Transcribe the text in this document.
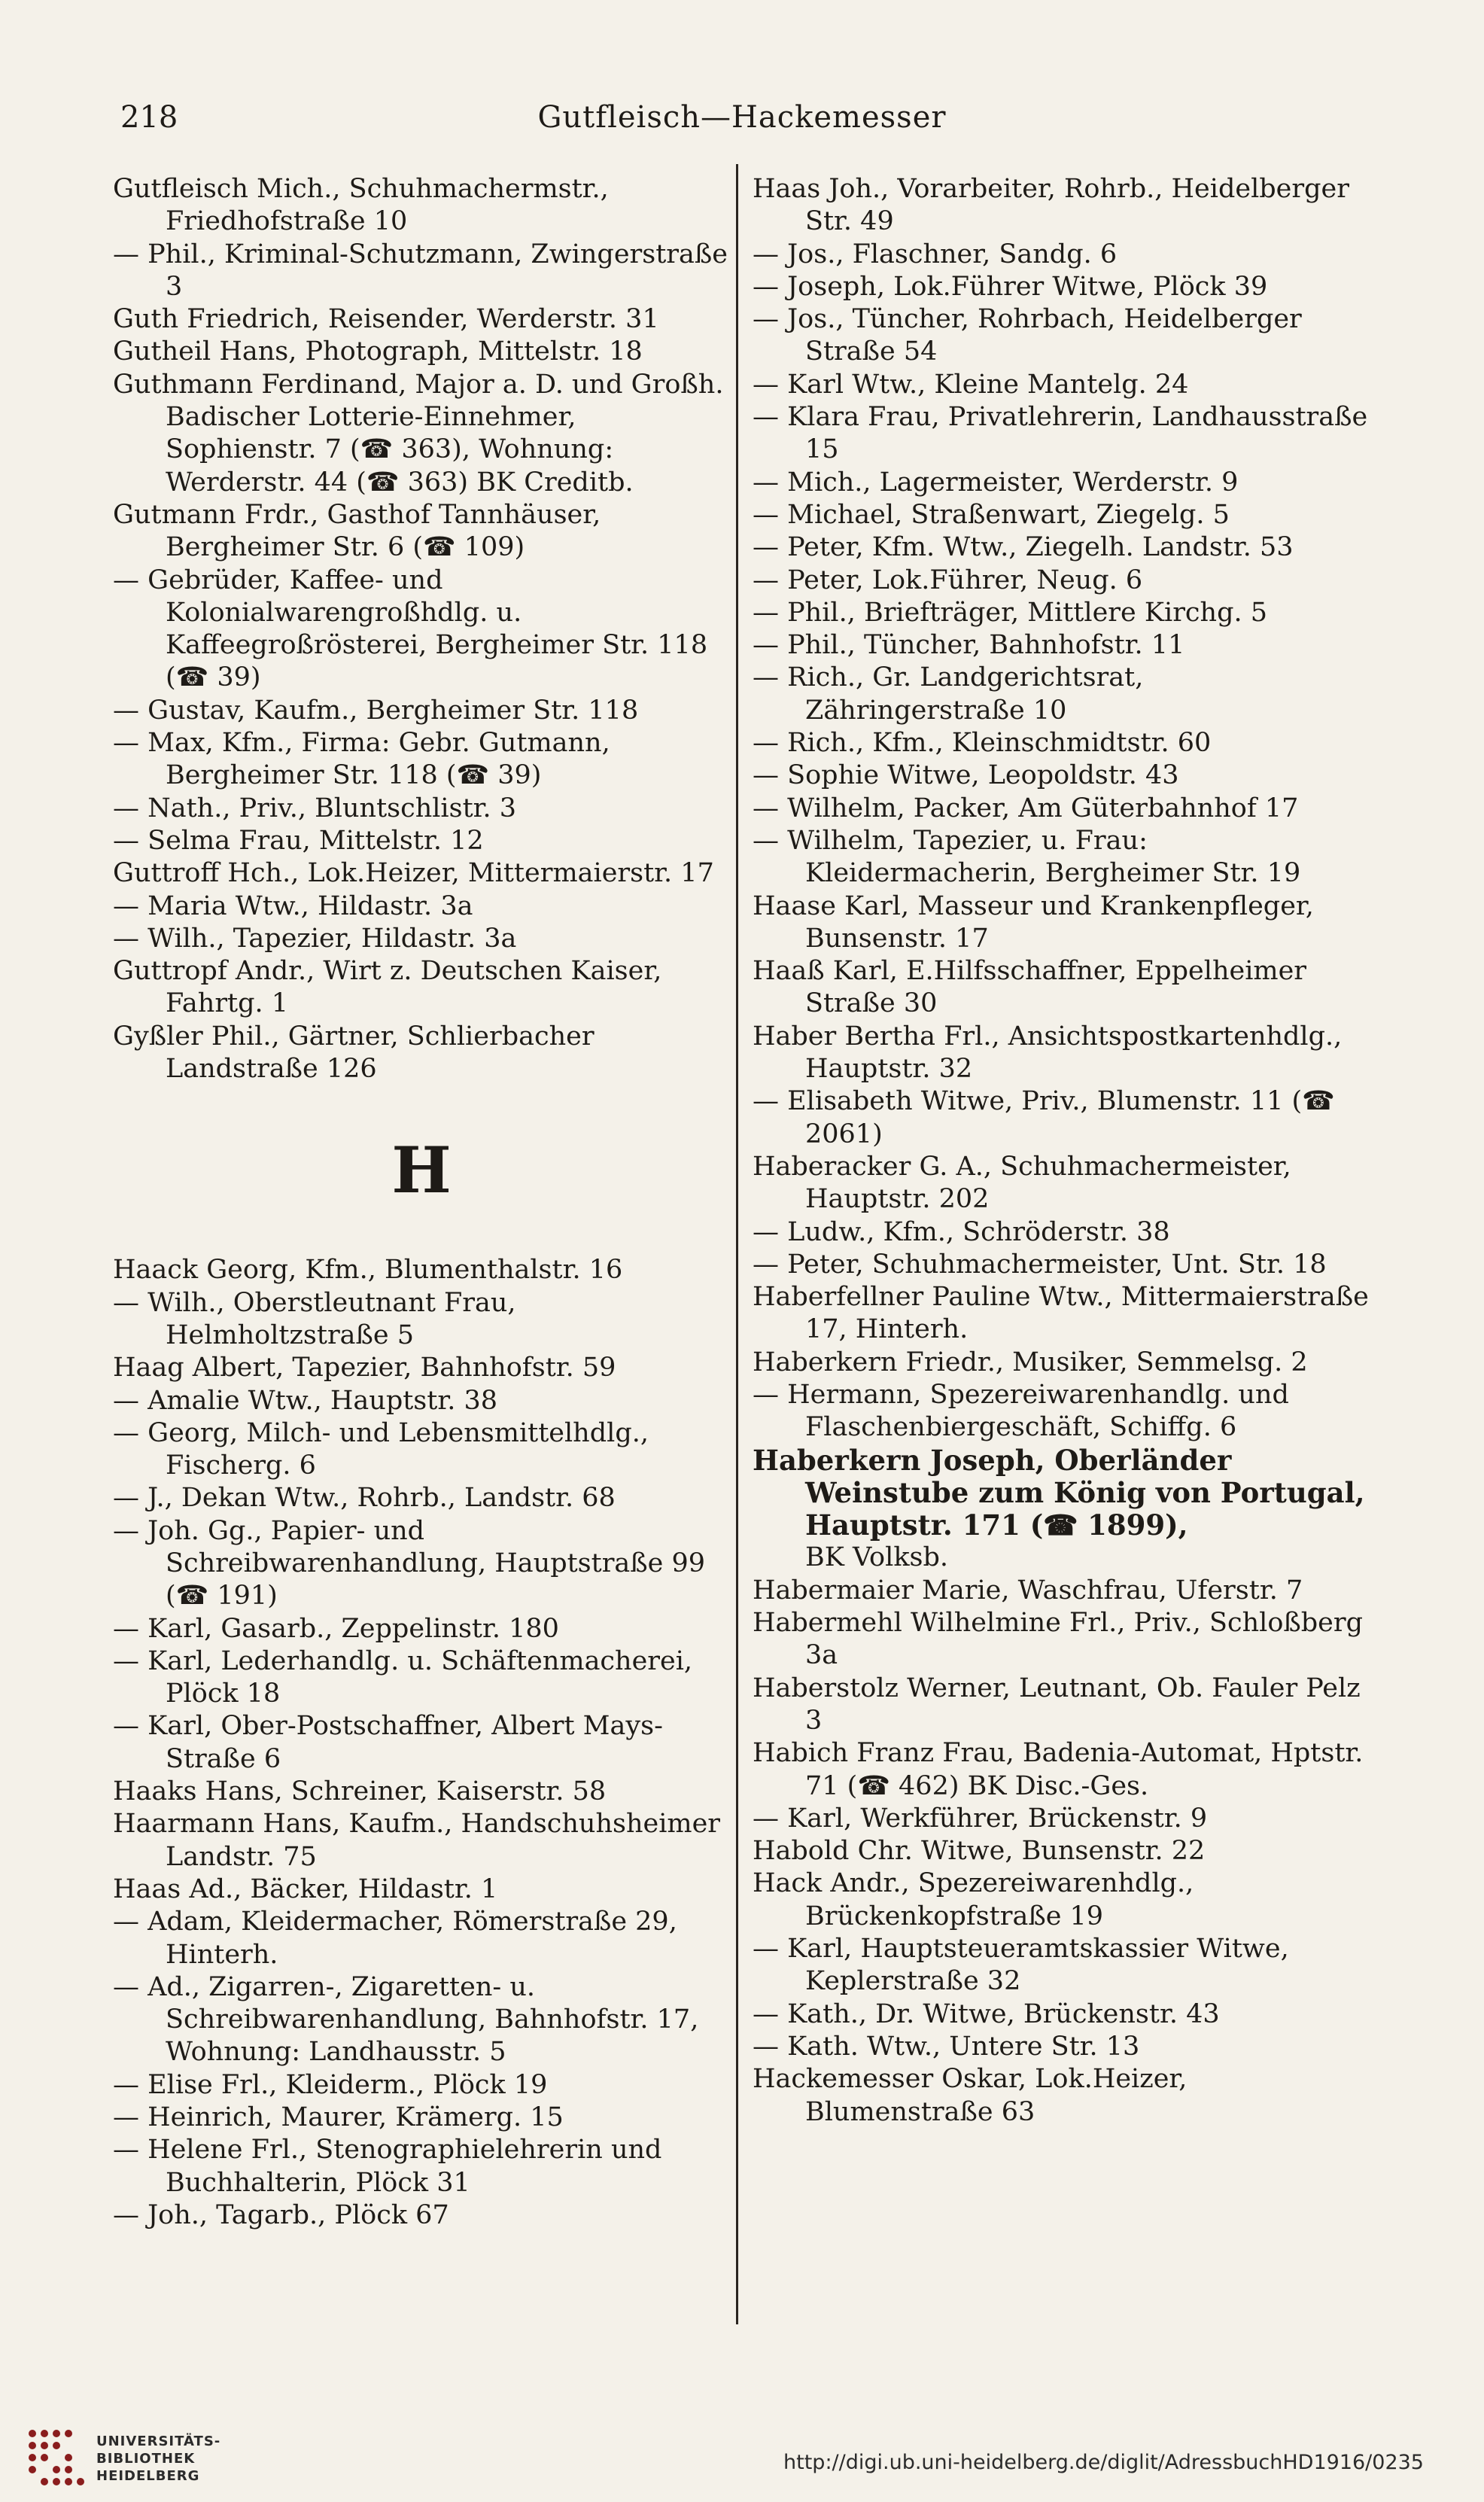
218	Gutfleisch—Hackemesser

Gutfleisch Mich., Schuhmachermstr., Friedhofstraße 10

— Phil., Kriminal-Schutzmann, Zwingerstraße 3

Guth Friedrich, Reisender, Werderstr. 31

Gutheil Hans, Photograph, Mittelstr. 18

Guthmann Ferdinand, Major a. D. und Großh. Badischer Lotterie-Einnehmer, Sophienstr. 7 (☎ 363), Wohnung: Werderstr. 44 (☎ 363) BK Creditb.

Gutmann Frdr., Gasthof Tannhäuser, Bergheimer Str. 6 (☎ 109)

— Gebrüder, Kaffee- und Kolonialwarengroßhdlg. u. Kaffeegroßrösterei, Bergheimer Str. 118 (☎ 39)

— Gustav, Kaufm., Bergheimer Str. 118

— Max, Kfm., Firma: Gebr. Gutmann, Bergheimer Str. 118 (☎ 39)

— Nath., Priv., Bluntschlistr. 3

— Selma Frau, Mittelstr. 12

Guttroff Hch., Lok.Heizer, Mittermaierstr. 17

— Maria Wtw., Hildastr. 3a

— Wilh., Tapezier, Hildastr. 3a

Guttropf Andr., Wirt z. Deutschen Kaiser, Fahrtg. 1

Gyßler Phil., Gärtner, Schlierbacher Landstraße 126

H

Haack Georg, Kfm., Blumenthalstr. 16

— Wilh., Oberstleutnant Frau, Helmholtzstraße 5

Haag Albert, Tapezier, Bahnhofstr. 59

— Amalie Wtw., Hauptstr. 38

— Georg, Milch- und Lebensmittelhdlg., Fischerg. 6

— J., Dekan Wtw., Rohrb., Landstr. 68

— Joh. Gg., Papier- und Schreibwarenhandlung, Hauptstraße 99 (☎ 191)

— Karl, Gasarb., Zeppelinstr. 180

— Karl, Lederhandlg. u. Schäftenmacherei, Plöck 18

— Karl, Ober-Postschaffner, Albert Mays-Straße 6

Haaks Hans, Schreiner, Kaiserstr. 58

Haarmann Hans, Kaufm., Handschuhsheimer Landstr. 75

Haas Ad., Bäcker, Hildastr. 1

— Adam, Kleidermacher, Römerstraße 29, Hinterh.

— Ad., Zigarren-, Zigaretten- u. Schreibwarenhandlung, Bahnhofstr. 17, Wohnung: Landhausstr. 5

— Elise Frl., Kleiderm., Plöck 19

— Heinrich, Maurer, Krämerg. 15

— Helene Frl., Stenographielehrerin und Buchhalterin, Plöck 31

— Joh., Tagarb., Plöck 67

Haas Joh., Vorarbeiter, Rohrb., Heidelberger Str. 49

— Jos., Flaschner, Sandg. 6

— Joseph, Lok.Führer Witwe, Plöck 39

— Jos., Tüncher, Rohrbach, Heidelberger Straße 54

— Karl Wtw., Kleine Mantelg. 24

— Klara Frau, Privatlehrerin, Landhausstraße 15

— Mich., Lagermeister, Werderstr. 9

— Michael, Straßenwart, Ziegelg. 5

— Peter, Kfm. Wtw., Ziegelh. Landstr. 53

— Peter, Lok.Führer, Neug. 6

— Phil., Briefträger, Mittlere Kirchg. 5

— Phil., Tüncher, Bahnhofstr. 11

— Rich., Gr. Landgerichtsrat, Zähringerstraße 10

— Rich., Kfm., Kleinschmidtstr. 60

— Sophie Witwe, Leopoldstr. 43

— Wilhelm, Packer, Am Güterbahnhof 17

— Wilhelm, Tapezier, u. Frau: Kleidermacherin, Bergheimer Str. 19

Haase Karl, Masseur und Krankenpfleger, Bunsenstr. 17

Haaß Karl, E.Hilfsschaffner, Eppelheimer Straße 30

Haber Bertha Frl., Ansichtspostkartenhdlg., Hauptstr. 32

— Elisabeth Witwe, Priv., Blumenstr. 11 (☎ 2061)

Haberacker G. A., Schuhmachermeister, Hauptstr. 202

— Ludw., Kfm., Schröderstr. 38

— Peter, Schuhmachermeister, Unt. Str. 18

Haberfellner Pauline Wtw., Mittermaierstraße 17, Hinterh.

Haberkern Friedr., Musiker, Semmelsg. 2

— Hermann, Spezereiwarenhandlg. und Flaschenbiergeschäft, Schiffg. 6

Haberkern Joseph, Oberländer Weinstube zum König von Portugal, Hauptstr. 171 (☎ 1899),

BK Volksb.

Habermaier Marie, Waschfrau, Uferstr. 7

Habermehl Wilhelmine Frl., Priv., Schloßberg 3a

Haberstolz Werner, Leutnant, Ob. Fauler Pelz 3

Habich Franz Frau, Badenia-Automat, Hptstr. 71 (☎ 462) BK Disc.-Ges.

— Karl, Werkführer, Brückenstr. 9

Habold Chr. Witwe, Bunsenstr. 22

Hack Andr., Spezereiwarenhdlg., Brückenkopfstraße 19

— Karl, Hauptsteueramtskassier Witwe, Keplerstraße 32

— Kath., Dr. Witwe, Brückenstr. 43

— Kath. Wtw., Untere Str. 13

Hackemesser Oskar, Lok.Heizer, Blumenstraße 63

UNIVERSITÄTS-
BIBLIOTHEK
HEIDELBERG
http://digi.ub.uni-heidelberg.de/diglit/AdressbuchHD1916/0235
